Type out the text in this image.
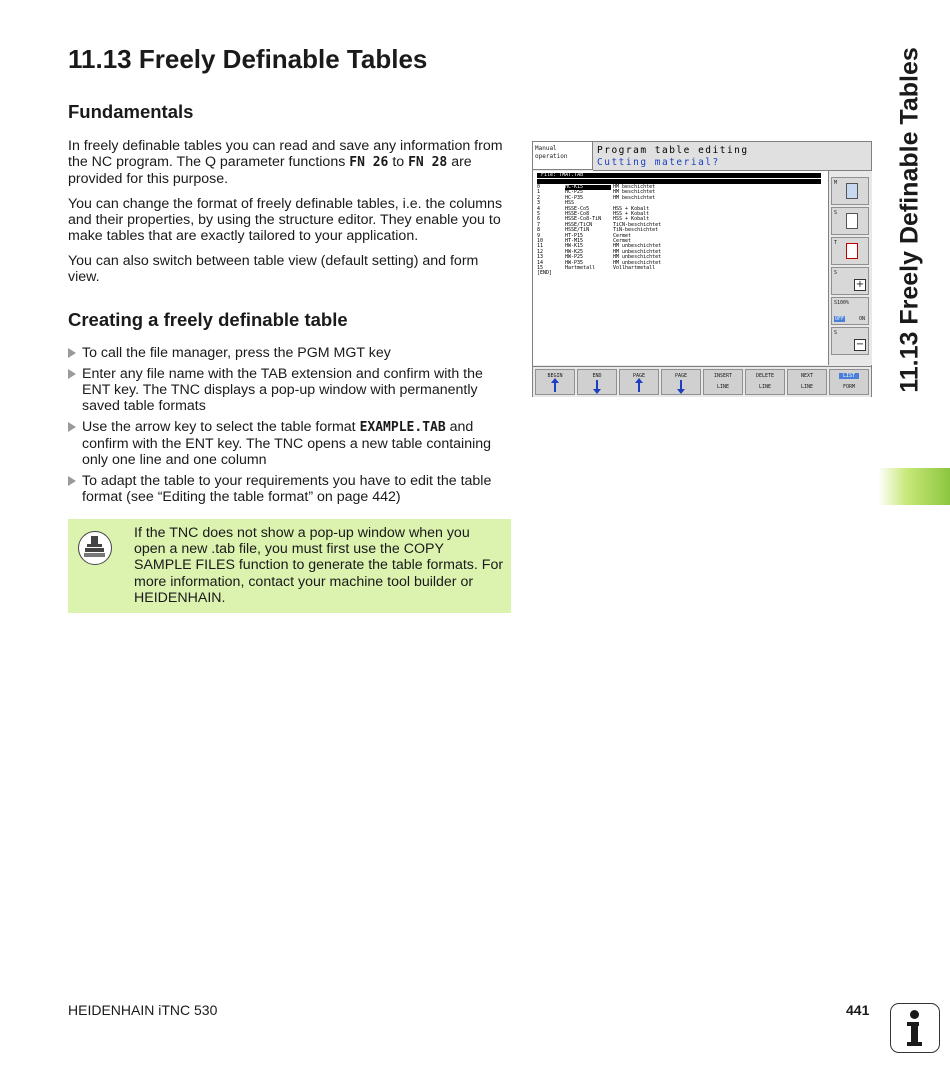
11.13 Freely Definable Tables	11.13 Freely Definable Tables
Fundamentals

In freely definable tables you can read and save any information from the NC program. The Q parameter functions FN 26 to FN 28 are provided for this purpose.

You can change the format of freely definable tables, i.e. the columns and their properties, by using the structure editor. They enable you to make tables that are exactly tailored to your application.

You can also switch between table view (default setting) and form view.

Creating a freely definable table
To call the file manager, press the PGM MGT key
Enter any file name with the TAB extension and confirm with the ENT key. The TNC displays a pop-up window with permanently saved table formats
Use the arrow key to select the table format EXAMPLE.TAB and confirm with the ENT key. The TNC opens a new table containing only one line and one column
To adapt the table to your requirements you have to edit the table format (see “Editing the table format” on page 442)

If the TNC does not show a pop-up window when you open a new .tab file, you must first use the COPY SAMPLE FILES function to generate the table formats. For more information, contact your machine tool builder or HEIDENHAIN.

Manual
operation
Program table editing
Cutting material?
File: TMAT.TAB
0	HC-K15	HM beschichtet
1	HC-P25	HM beschichtet
2	HC-P35	HM beschichtet
3	HSS
4	HSSE-Co5	HSS + Kobalt
5	HSSE-Co8	HSS + Kobalt
6	HSSE-Co8-TiN	HSS + Kobalt
7	HSSE/TiCN	TiCN-beschichtet
8	HSSE/TiN	TiN-beschichtet
9	HT-P15	Cermet
10	HT-M15	Cermet
11	HW-K15	HM unbeschichtet
12	HW-K25	HM unbeschichtet
13	HW-P25	HM unbeschichtet
14	HW-P35	HM unbeschichtet
15	Hartmetall	Vollhartmetall
[END]
M
S
T
S
+
S100%
OFF	ON
S
−
BEGIN	END	PAGE	PAGE	INSERT
LINE
DELETE
LINE
NEXT
LINE
LIST
FORM
HEIDENHAIN iTNC 530	441
